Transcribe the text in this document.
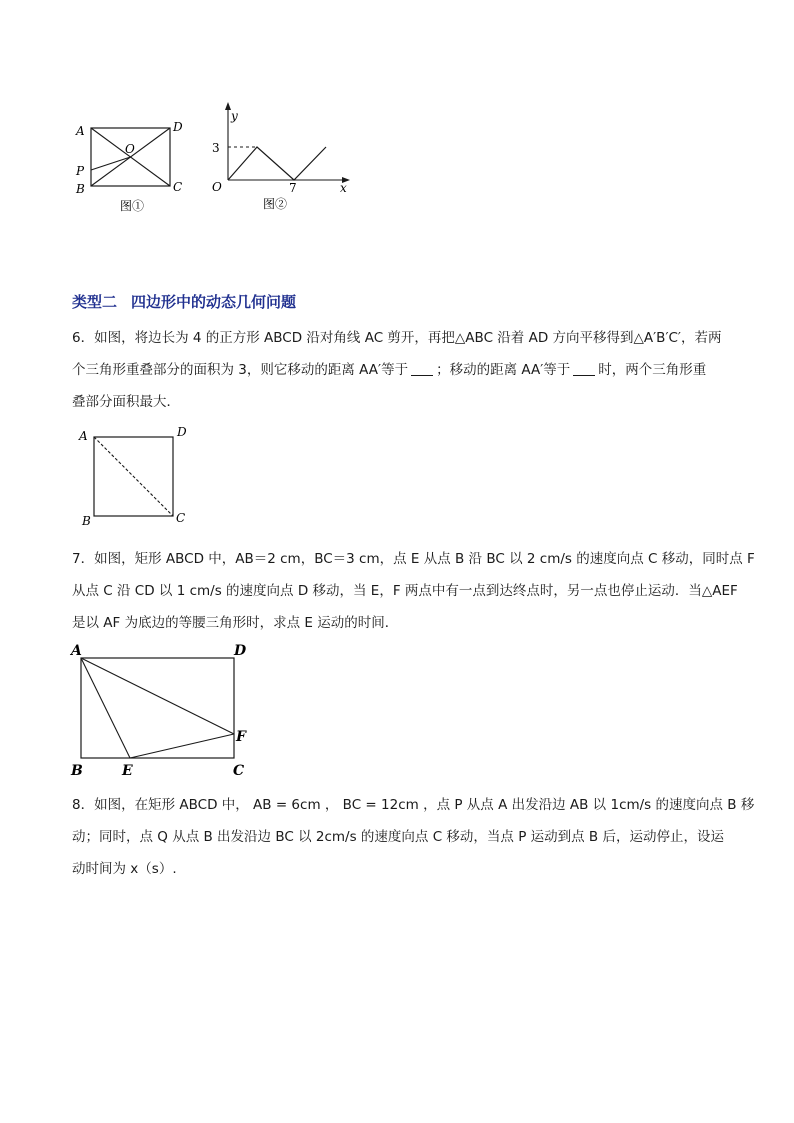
A	D
O
P
B	C
图①
y
x
O
3
7
图②
类型二 四边形中的动态几何问题
6．如图，将边长为 4 的正方形 ABCD 沿对角线 AC 剪开，再把△ABC 沿着 AD 方向平移得到△A′B′C′，若两
个三角形重叠部分的面积为 3，则它移动的距离 AA′等于 ；移动的距离 AA′等于 时，两个三角形重
叠部分面积最大．
A	D
B	C
7．如图，矩形 ABCD 中，AB＝2 cm，BC＝3 cm，点 E 从点 B 沿 BC 以 2 cm/s 的速度向点 C 移动，同时点 F
从点 C 沿 CD 以 1 cm/s 的速度向点 D 移动，当 E，F 两点中有一点到达终点时，另一点也停止运动．当△AEF
是以 AF 为底边的等腰三角形时，求点 E 运动的时间．
A	D
B	E	C
F
8．如图，在矩形 ABCD 中， AB = 6cm ， BC = 12cm ，点 P 从点 A 出发沿边 AB 以 1cm/s 的速度向点 B 移
动；同时，点 Q 从点 B 出发沿边 BC 以 2cm/s 的速度向点 C 移动，当点 P 运动到点 B 后，运动停止，设运
动时间为 x（s）.
